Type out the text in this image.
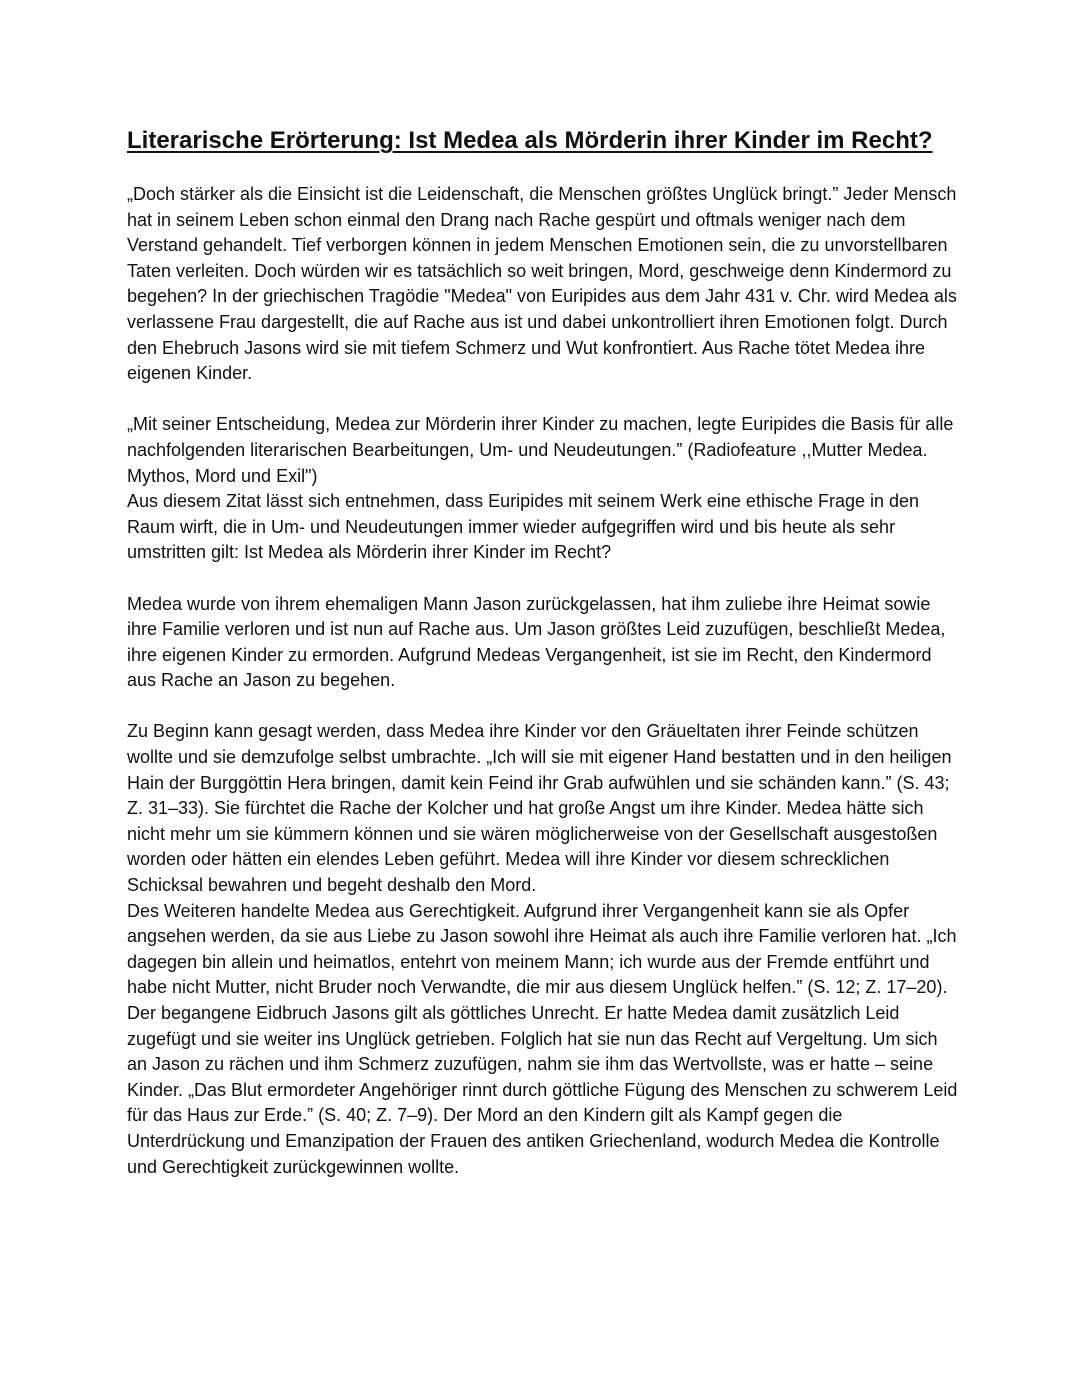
Literarische Erörterung: Ist Medea als Mörderin ihrer Kinder im Recht?

„Doch stärker als die Einsicht ist die Leidenschaft, die Menschen größtes Unglück bringt.” Jeder Mensch hat in seinem Leben schon einmal den Drang nach Rache gespürt und oftmals weniger nach dem Verstand gehandelt. Tief verborgen können in jedem Menschen Emotionen sein, die zu unvorstellbaren Taten verleiten. Doch würden wir es tatsächlich so weit bringen, Mord, geschweige denn Kindermord zu begehen? In der griechischen Tragödie "Medea" von Euripides aus dem Jahr 431 v. Chr. wird Medea als verlassene Frau dargestellt, die auf Rache aus ist und dabei unkontrolliert ihren Emotionen folgt. Durch den Ehebruch Jasons wird sie mit tiefem Schmerz und Wut konfrontiert. Aus Rache tötet Medea ihre eigenen Kinder.

„Mit seiner Entscheidung, Medea zur Mörderin ihrer Kinder zu machen, legte Euripides die Basis für alle nachfolgenden literarischen Bearbeitungen, Um- und Neudeutungen.” (Radiofeature ,,Mutter Medea. Mythos, Mord und Exil")

Aus diesem Zitat lässt sich entnehmen, dass Euripides mit seinem Werk eine ethische Frage in den Raum wirft, die in Um- und Neudeutungen immer wieder aufgegriffen wird und bis heute als sehr umstritten gilt: Ist Medea als Mörderin ihrer Kinder im Recht?

Medea wurde von ihrem ehemaligen Mann Jason zurückgelassen, hat ihm zuliebe ihre Heimat sowie ihre Familie verloren und ist nun auf Rache aus. Um Jason größtes Leid zuzufügen, beschließt Medea, ihre eigenen Kinder zu ermorden. Aufgrund Medeas Vergangenheit, ist sie im Recht, den Kindermord aus Rache an Jason zu begehen.

Zu Beginn kann gesagt werden, dass Medea ihre Kinder vor den Gräueltaten ihrer Feinde schützen wollte und sie demzufolge selbst umbrachte. „Ich will sie mit eigener Hand bestatten und in den heiligen Hain der Burggöttin Hera bringen, damit kein Feind ihr Grab aufwühlen und sie schänden kann.” (S. 43; Z. 31–33). Sie fürchtet die Rache der Kolcher und hat große Angst um ihre Kinder. Medea hätte sich nicht mehr um sie kümmern können und sie wären möglicherweise von der Gesellschaft ausgestoßen worden oder hätten ein elendes Leben geführt. Medea will ihre Kinder vor diesem schrecklichen Schicksal bewahren und begeht deshalb den Mord.

Des Weiteren handelte Medea aus Gerechtigkeit. Aufgrund ihrer Vergangenheit kann sie als Opfer angsehen werden, da sie aus Liebe zu Jason sowohl ihre Heimat als auch ihre Familie verloren hat. „Ich dagegen bin allein und heimatlos, entehrt von meinem Mann; ich wurde aus der Fremde entführt und habe nicht Mutter, nicht Bruder noch Verwandte, die mir aus diesem Unglück helfen.” (S. 12; Z. 17–20). Der begangene Eidbruch Jasons gilt als göttliches Unrecht. Er hatte Medea damit zusätzlich Leid zugefügt und sie weiter ins Unglück getrieben. Folglich hat sie nun das Recht auf Vergeltung. Um sich an Jason zu rächen und ihm Schmerz zuzufügen, nahm sie ihm das Wertvollste, was er hatte – seine Kinder. „Das Blut ermordeter Angehöriger rinnt durch göttliche Fügung des Menschen zu schwerem Leid für das Haus zur Erde.” (S. 40; Z. 7–9). Der Mord an den Kindern gilt als Kampf gegen die Unterdrückung und Emanzipation der Frauen des antiken Griechenland, wodurch Medea die Kontrolle und Gerechtigkeit zurückgewinnen wollte.
